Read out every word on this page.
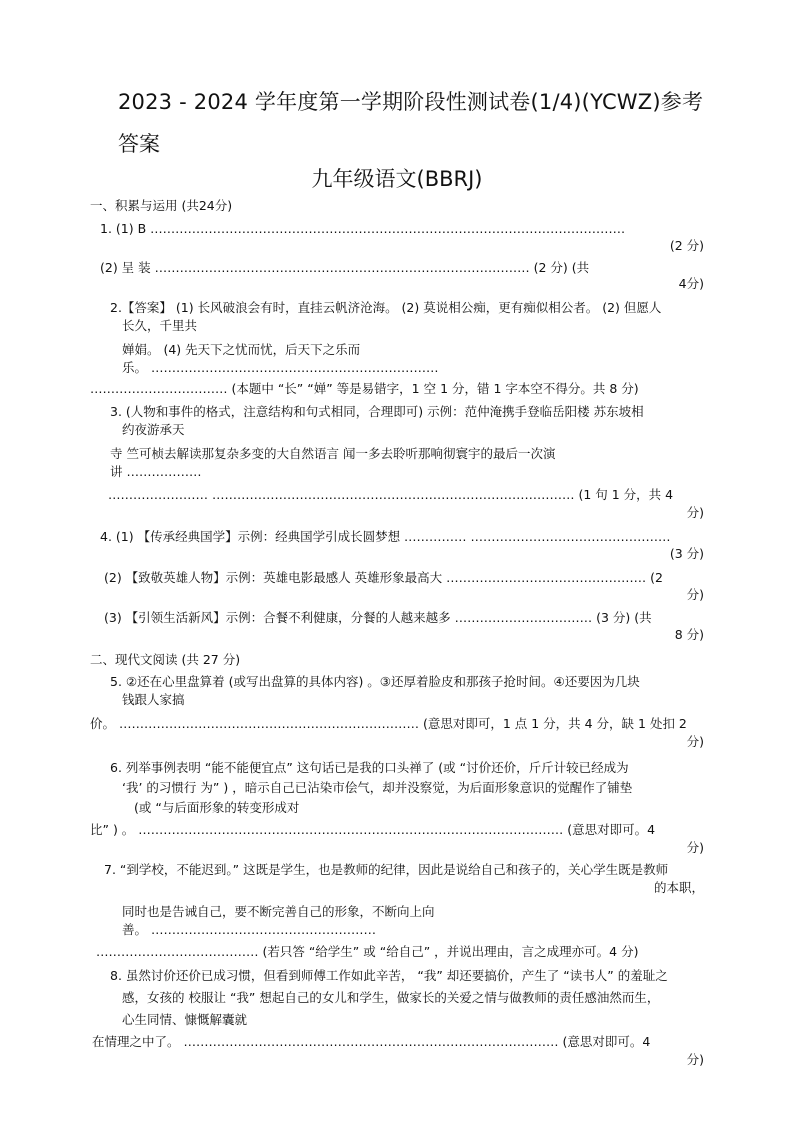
2023 - 2024 学年度第一学期阶段性测试卷(1/4)(YCWZ)参考
答案
九年级语文(BBRJ)
一、积累与运用 (共24分)
1. (1) B ……………………………………………………………………………………………………
(2 分)
(2) 呈 装 ……………………………………………………………………………… (2 分) (共
4分)
2.【答案】 (1) 长风破浪会有时，直挂云帆济沧海。 (2) 莫说相公痴，更有痴似相公者。 (2) 但愿人
长久，千里共
婵娟。 (4) 先天下之忧而忧，后天下之乐而
乐。 ……………………………………………………………
…………………………… (本题中 “长” “婵” 等是易错字，1 空 1 分，错 1 字本空不得分。共 8 分)
3. (人物和事件的格式，注意结构和句式相同，合理即可) 示例：范仲淹携手登临岳阳楼 苏东坡相
约夜游承天
寺 竺可桢去解读那复杂多变的大自然语言 闻一多去聆听那响彻寰宇的最后一次演
讲 ………………
…………………… …………………………………………………………………………… (1 句 1 分，共 4
分)
4. (1) 【传承经典国学】示例：经典国学引成长圆梦想 …………… …………………………………………
(3 分)
(2) 【致敬英雄人物】示例：英雄电影最感人 英雄形象最高大 ………………………………………… (2
分)
(3) 【引领生活新风】示例：合餐不利健康，分餐的人越来越多 …………………………… (3 分) (共
8 分)
二、现代文阅读 (共 27 分)
5. ②还在心里盘算着 (或写出盘算的具体内容) 。③还厚着脸皮和那孩子抢时间。④还要因为几块
钱跟人家搞
价。 ……………………………………………………………… (意思对即可，1 点 1 分，共 4 分，缺 1 处扣 2
分)
6. 列举事例表明 “能不能便宜点” 这句话已是我的口头禅了 (或 “讨价还价，斤斤计较已经成为
‘我’ 的习惯行 为” ) ，暗示自己已沾染市侩气，却并没察觉，为后面形象意识的觉醒作了铺垫
(或 “与后面形象的转变形成对
比” ) 。 ………………………………………………………………………………………… (意思对即可。4
分)
7. “到学校，不能迟到。” 这既是学生，也是教师的纪律，因此是说给自己和孩子的，关心学生既是教师
的本职，
同时也是告诫自己，要不断完善自己的形象，不断向上向
善。 ………………………………………………
………………………………… (若只答 “给学生” 或 “给自己” ，并说出理由，言之成理亦可。4 分)
8. 虽然讨价还价已成习惯，但看到师傅工作如此辛苦， “我” 却还要搞价，产生了 “读书人” 的羞耻之
感，女孩的 校服让 “我” 想起自己的女儿和学生，做家长的关爱之情与做教师的责任感油然而生，
心生同情、慷慨解囊就
在情理之中了。 ……………………………………………………………………………… (意思对即可。4
分)
